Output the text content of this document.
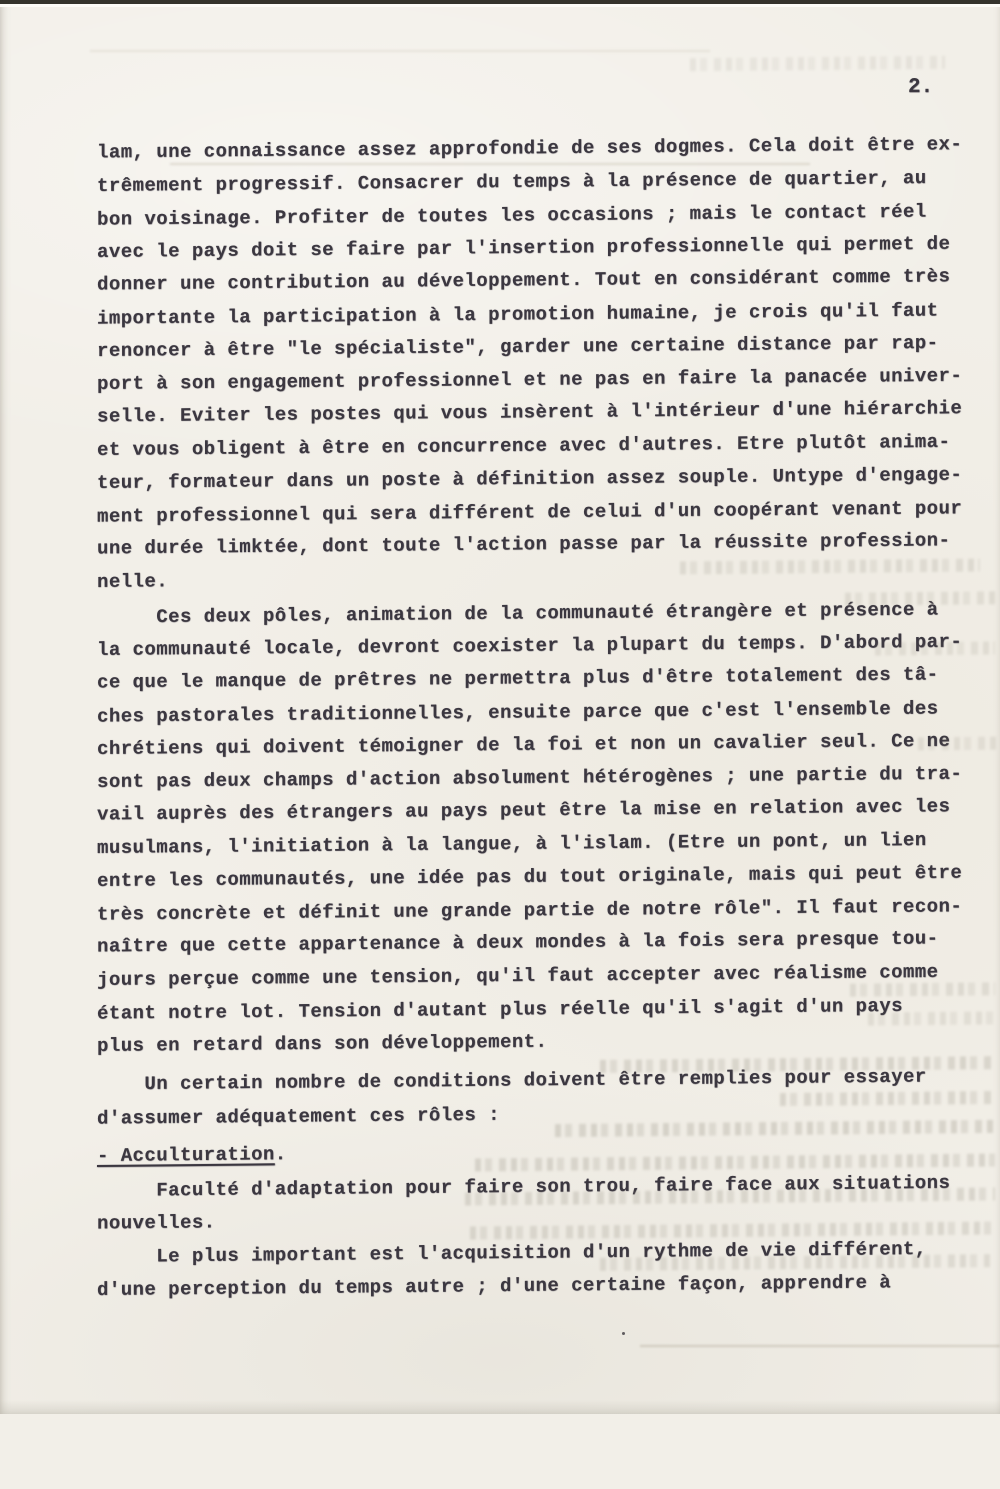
2.
lam, une connaissance assez approfondie de ses dogmes. Cela doit être ex-
trêmement progressif. Consacrer du temps à la présence de quartier, au
bon voisinage. Profiter de toutes les occasions ; mais le contact réel
avec le pays doit se faire par l'insertion professionnelle qui permet de
donner une contribution au développement. Tout en considérant comme très
importante la participation à la promotion humaine, je crois qu'il faut
renoncer à être "le spécialiste", garder une certaine distance par rap-
port à son engagement professionnel et ne pas en faire la panacée univer-
selle. Eviter les postes qui vous insèrent à l'intérieur d'une hiérarchie
et vous obligent à être en concurrence avec d'autres. Etre plutôt anima-
teur, formateur dans un poste à définition assez souple. Untype d'engage-
ment professionnel qui sera différent de celui d'un coopérant venant pour
une durée limktée, dont toute l'action passe par la réussite profession-
nelle.
Ces deux pôles, animation de la communauté étrangère et présence à
la communauté locale, devront coexister la plupart du temps. D'abord par-
ce que le manque de prêtres ne permettra plus d'être totalement des tâ-
ches pastorales traditionnelles, ensuite parce que c'est l'ensemble des
chrétiens qui doivent témoigner de la foi et non un cavalier seul. Ce ne
sont pas deux champs d'action absolument hétérogènes ; une partie du tra-
vail auprès des étrangers au pays peut être la mise en relation avec les
musulmans, l'initiation à la langue, à l'islam. (Etre un pont, un lien
entre les communautés, une idée pas du tout originale, mais qui peut être
très concrète et définit une grande partie de notre rôle". Il faut recon-
naître que cette appartenance à deux mondes à la fois sera presque tou-
jours perçue comme une tension, qu'il faut accepter avec réalisme comme
étant notre lot. Tension d'autant plus réelle qu'il s'agit d'un pays
plus en retard dans son développement.
Un certain nombre de conditions doivent être remplies pour essayer
d'assumer adéquatement ces rôles :
- Acculturation.
Faculté d'adaptation pour faire son trou, faire face aux situations
nouvelles.
Le plus important est l'acquisition d'un rythme de vie différent,
d'une perception du temps autre ; d'une certaine façon, apprendre à
